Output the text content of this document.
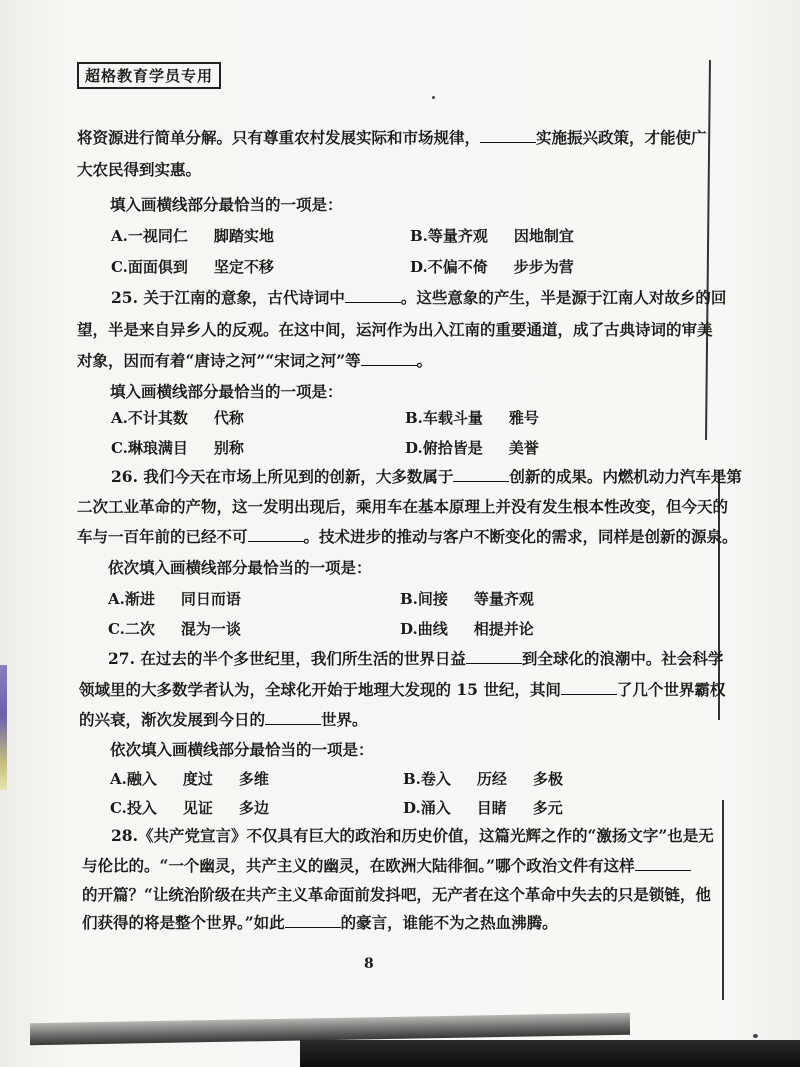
超格教育学员专用
将资源进行简单分解。只有尊重农村发展实际和市场规律，	实施振兴政策，才能使广
大农民得到实惠。
填入画横线部分最恰当的一项是：
A.一视同仁 脚踏实地	B.等量齐观 因地制宜
C.面面俱到 坚定不移	D.不偏不倚 步步为营
25. 关于江南的意象，古代诗词中	。这些意象的产生，半是源于江南人对故乡的回
望，半是来自异乡人的反观。在这中间，运河作为出入江南的重要通道，成了古典诗词的审美
对象，因而有着“唐诗之河”“宋词之河”等	。
填入画横线部分最恰当的一项是：
A.不计其数 代称	B.车载斗量 雅号
C.琳琅满目 别称	D.俯拾皆是 美誉
26. 我们今天在市场上所见到的创新，大多数属于	创新的成果。内燃机动力汽车是第
二次工业革命的产物，这一发明出现后，乘用车在基本原理上并没有发生根本性改变，但今天的
车与一百年前的已经不可	。技术进步的推动与客户不断变化的需求，同样是创新的源泉。
依次填入画横线部分最恰当的一项是：
A.渐进 同日而语	B.间接 等量齐观
C.二次 混为一谈	D.曲线 相提并论
27. 在过去的半个多世纪里，我们所生活的世界日益	到全球化的浪潮中。社会科学
领域里的大多数学者认为，全球化开始于地理大发现的 15 世纪，其间	了几个世界霸权
的兴衰，渐次发展到今日的	世界。
依次填入画横线部分最恰当的一项是：
A.融入 度过 多维	B.卷入 历经 多极
C.投入 见证 多边	D.涌入 目睹 多元
28.《共产党宣言》不仅具有巨大的政治和历史价值，这篇光辉之作的“激扬文字”也是无
与伦比的。“一个幽灵，共产主义的幽灵，在欧洲大陆徘徊。”哪个政治文件有这样
的开篇？“让统治阶级在共产主义革命面前发抖吧，无产者在这个革命中失去的只是锁链，他
们获得的将是整个世界。”如此	的豪言，谁能不为之热血沸腾。
8
